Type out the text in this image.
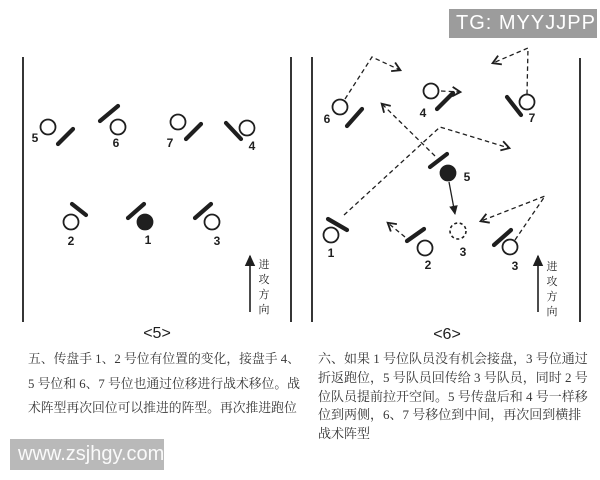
5	6	7	4
2	1	3
进
攻
方
向
<5>
6	4	7
5
1
2
3
3	进
攻
方
向
<6>
TG: MYYJJPP
五、传盘手 1、2 号位有位置的变化，接盘手 4、
5 号位和 6、7 号位也通过位移进行战术移位。战
术阵型再次回位可以推进的阵型。再次推进跑位
六、如果 1 号位队员没有机会接盘，3 号位通过
折返跑位，5 号队员回传给 3 号队员，同时 2 号
位队员提前拉开空间。5 号传盘后和 4 号一样移
位到两侧，6、7 号移位到中间，再次回到横排
战术阵型
www.zsjhgy.com
